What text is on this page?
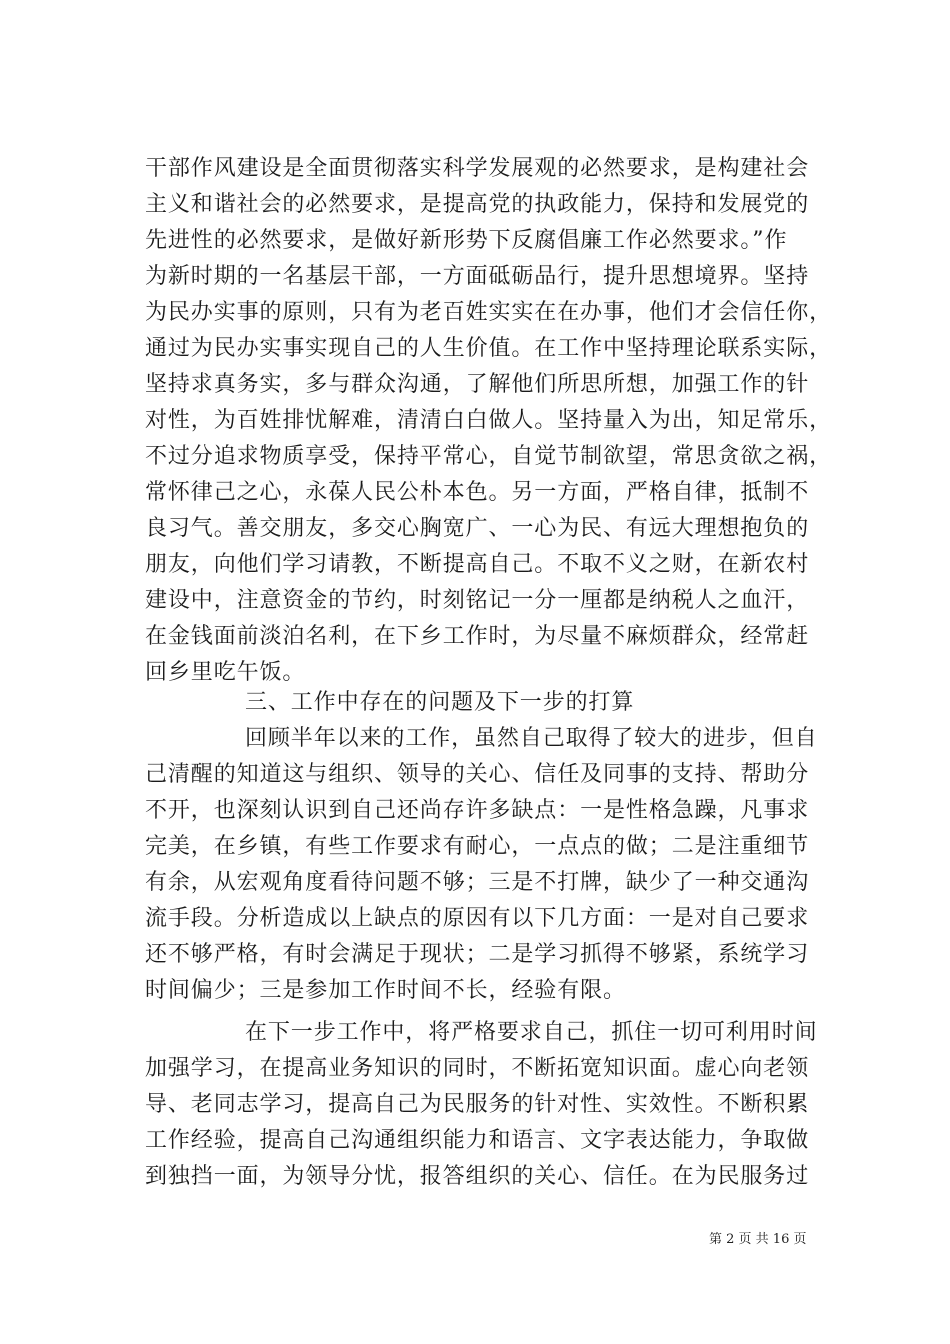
干部作风建设是全面贯彻落实科学发展观的必然要求，是构建社会
主义和谐社会的必然要求，是提高党的执政能力，保持和发展党的
先进性的必然要求，是做好新形势下反腐倡廉工作必然要求。”作
为新时期的一名基层干部，一方面砥砺品行，提升思想境界。坚持
为民办实事的原则，只有为老百姓实实在在办事，他们才会信任你，
通过为民办实事实现自己的人生价值。在工作中坚持理论联系实际，
坚持求真务实，多与群众沟通，了解他们所思所想，加强工作的针
对性，为百姓排忧解难，清清白白做人。坚持量入为出，知足常乐，
不过分追求物质享受，保持平常心，自觉节制欲望，常思贪欲之祸，
常怀律己之心，永葆人民公朴本色。另一方面，严格自律，抵制不
良习气。善交朋友，多交心胸宽广、一心为民、有远大理想抱负的
朋友，向他们学习请教，不断提高自己。不取不义之财，在新农村
建设中，注意资金的节约，时刻铭记一分一厘都是纳税人之血汗，
在金钱面前淡泊名利，在下乡工作时，为尽量不麻烦群众，经常赶
回乡里吃午饭。
三、工作中存在的问题及下一步的打算
回顾半年以来的工作，虽然自己取得了较大的进步，但自
己清醒的知道这与组织、领导的关心、信任及同事的支持、帮助分
不开，也深刻认识到自己还尚存许多缺点：一是性格急躁，凡事求
完美，在乡镇，有些工作要求有耐心，一点点的做；二是注重细节
有余，从宏观角度看待问题不够；三是不打牌，缺少了一种交通沟
流手段。分析造成以上缺点的原因有以下几方面：一是对自己要求
还不够严格，有时会满足于现状；二是学习抓得不够紧，系统学习
时间偏少；三是参加工作时间不长，经验有限。
在下一步工作中，将严格要求自己，抓住一切可利用时间
加强学习，在提高业务知识的同时，不断拓宽知识面。虚心向老领
导、老同志学习，提高自己为民服务的针对性、实效性。不断积累
工作经验，提高自己沟通组织能力和语言、文字表达能力，争取做
到独挡一面，为领导分忧，报答组织的关心、信任。在为民服务过
第 2 页 共 16 页
